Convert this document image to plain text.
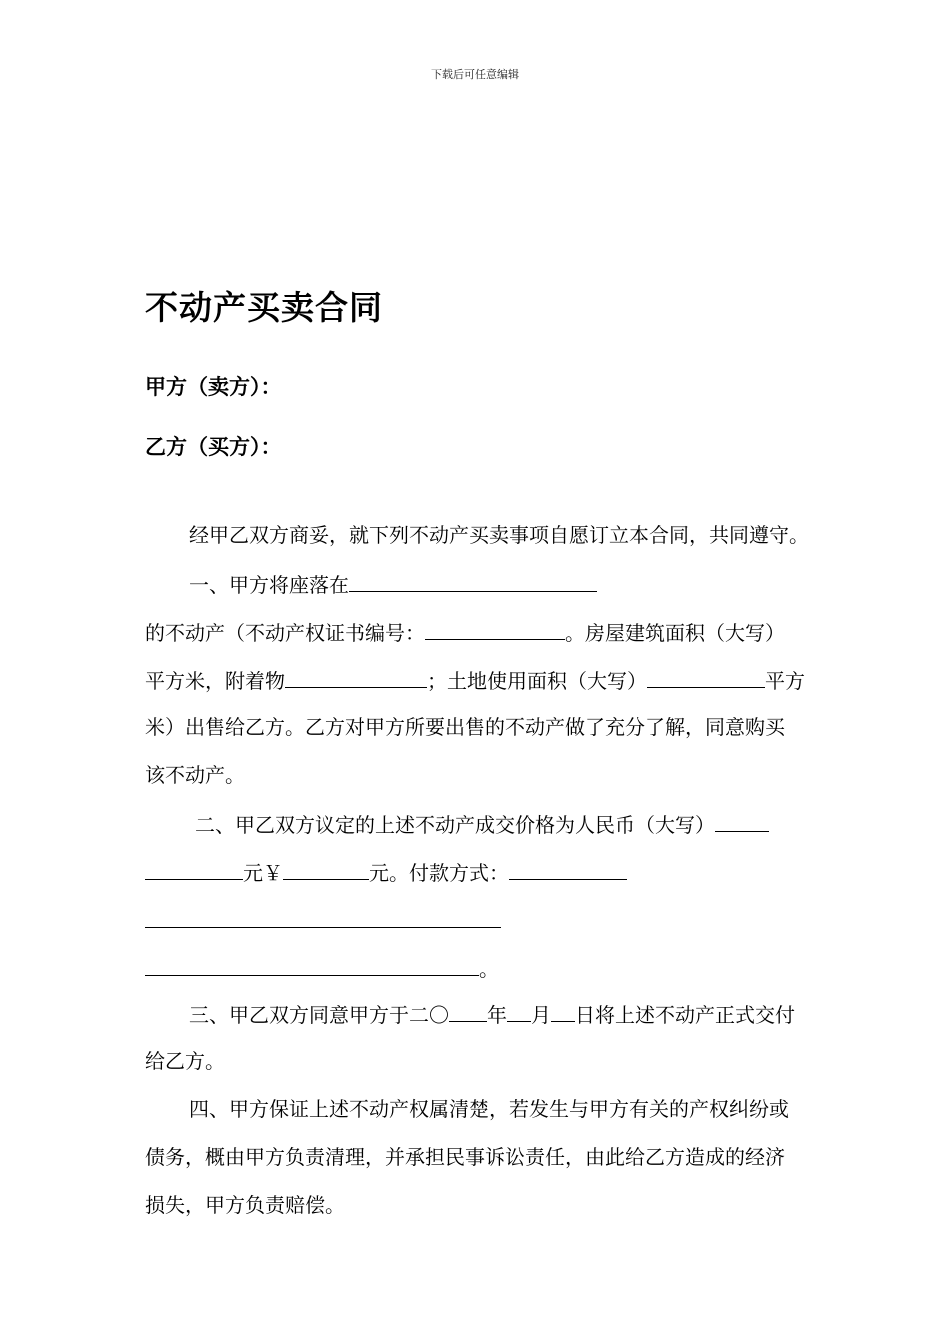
下载后可任意编辑
不动产买卖合同
甲方（卖方）：
乙方（买方）：
经甲乙双方商妥，就下列不动产买卖事项自愿订立本合同，共同遵守。
一、甲方将座落在
的不动产（不动产权证书编号：	。房屋建筑面积（大写）
平方米，附着物	；土地使用面积（大写）	平方
米）出售给乙方。乙方对甲方所要出售的不动产做了充分了解，同意购买
该不动产。
二、甲乙双方议定的上述不动产成交价格为人民币（大写）
元￥	元。付款方式：
。
三、甲乙双方同意甲方于二〇 年 月 日将上述不动产正式交付
给乙方。
四、甲方保证上述不动产权属清楚，若发生与甲方有关的产权纠纷或
债务，概由甲方负责清理，并承担民事诉讼责任，由此给乙方造成的经济
损失，甲方负责赔偿。
